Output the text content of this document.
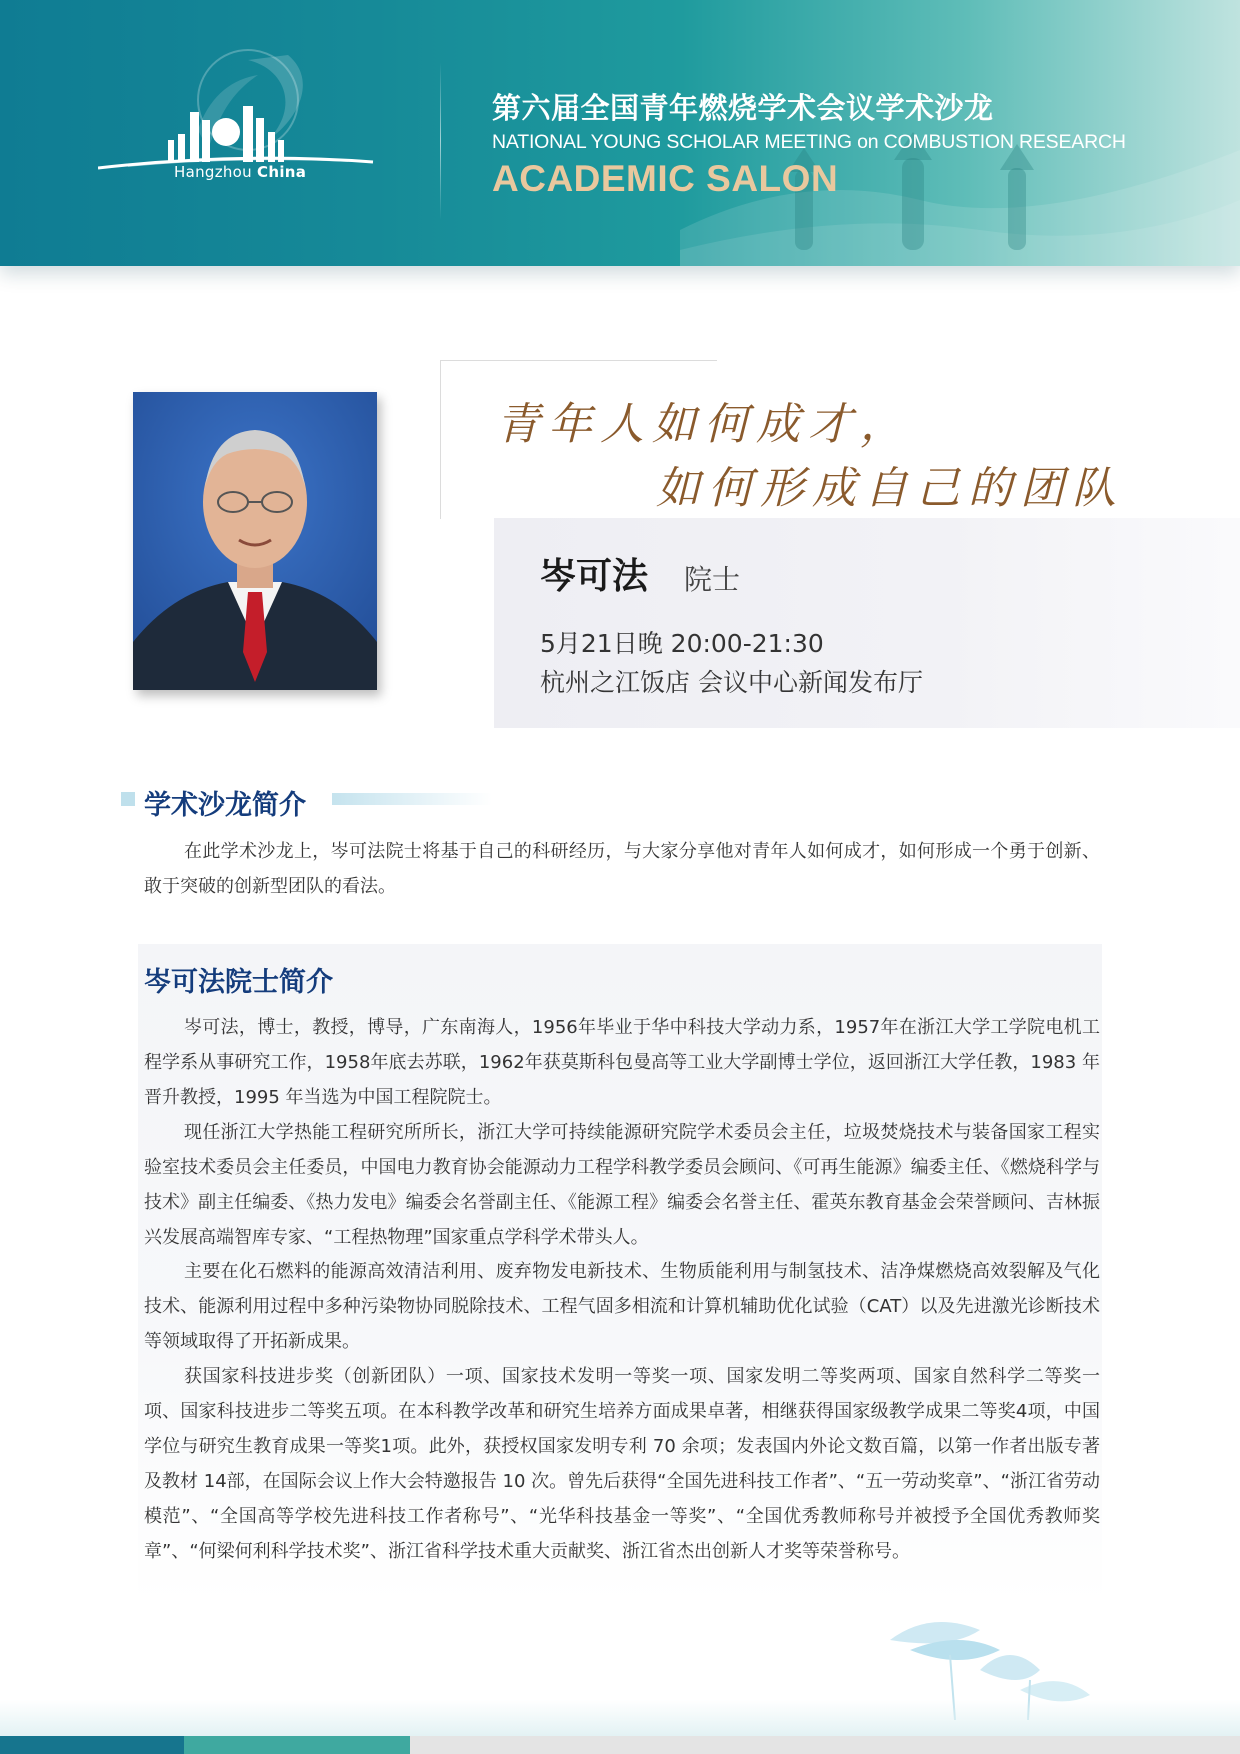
Hangzhou China
第六届全国青年燃烧学术会议学术沙龙
NATIONAL YOUNG SCHOLAR MEETING on COMBUSTION RESEARCH
ACADEMIC SALON
青年人如何成才，
如何形成自己的团队
岑可法 院士
5月21日晚 20:00-21:30
杭州之江饭店 会议中心新闻发布厅
学术沙龙简介

在此学术沙龙上，岑可法院士将基于自己的科研经历，与大家分享他对青年人如何成才，如何形成一个勇于创新、敢于突破的创新型团队的看法。

岑可法院士简介

岑可法，博士，教授，博导，广东南海人，1956年毕业于华中科技大学动力系，1957年在浙江大学工学院电机工程学系从事研究工作，1958年底去苏联，1962年获莫斯科包曼高等工业大学副博士学位，返回浙江大学任教，1983 年晋升教授，1995 年当选为中国工程院院士。

现任浙江大学热能工程研究所所长，浙江大学可持续能源研究院学术委员会主任，垃圾焚烧技术与装备国家工程实验室技术委员会主任委员，中国电力教育协会能源动力工程学科教学委员会顾问、《可再生能源》编委主任、《燃烧科学与技术》副主任编委、《热力发电》编委会名誉副主任、《能源工程》编委会名誉主任、霍英东教育基金会荣誉顾问、吉林振兴发展高端智库专家、“工程热物理”国家重点学科学术带头人。

主要在化石燃料的能源高效清洁利用、废弃物发电新技术、生物质能利用与制氢技术、洁净煤燃烧高效裂解及气化技术、能源利用过程中多种污染物协同脱除技术、工程气固多相流和计算机辅助优化试验（CAT）以及先进激光诊断技术等领域取得了开拓新成果。

获国家科技进步奖（创新团队）一项、国家技术发明一等奖一项、国家发明二等奖两项、国家自然科学二等奖一项、国家科技进步二等奖五项。在本科教学改革和研究生培养方面成果卓著，相继获得国家级教学成果二等奖4项，中国学位与研究生教育成果一等奖1项。此外，获授权国家发明专利 70 余项；发表国内外论文数百篇，以第一作者出版专著及教材 14部，在国际会议上作大会特邀报告 10 次。曾先后获得“全国先进科技工作者”、“五一劳动奖章”、“浙江省劳动模范”、“全国高等学校先进科技工作者称号”、“光华科技基金一等奖”、“全国优秀教师称号并被授予全国优秀教师奖章”、“何梁何利科学技术奖”、浙江省科学技术重大贡献奖、浙江省杰出创新人才奖等荣誉称号。
